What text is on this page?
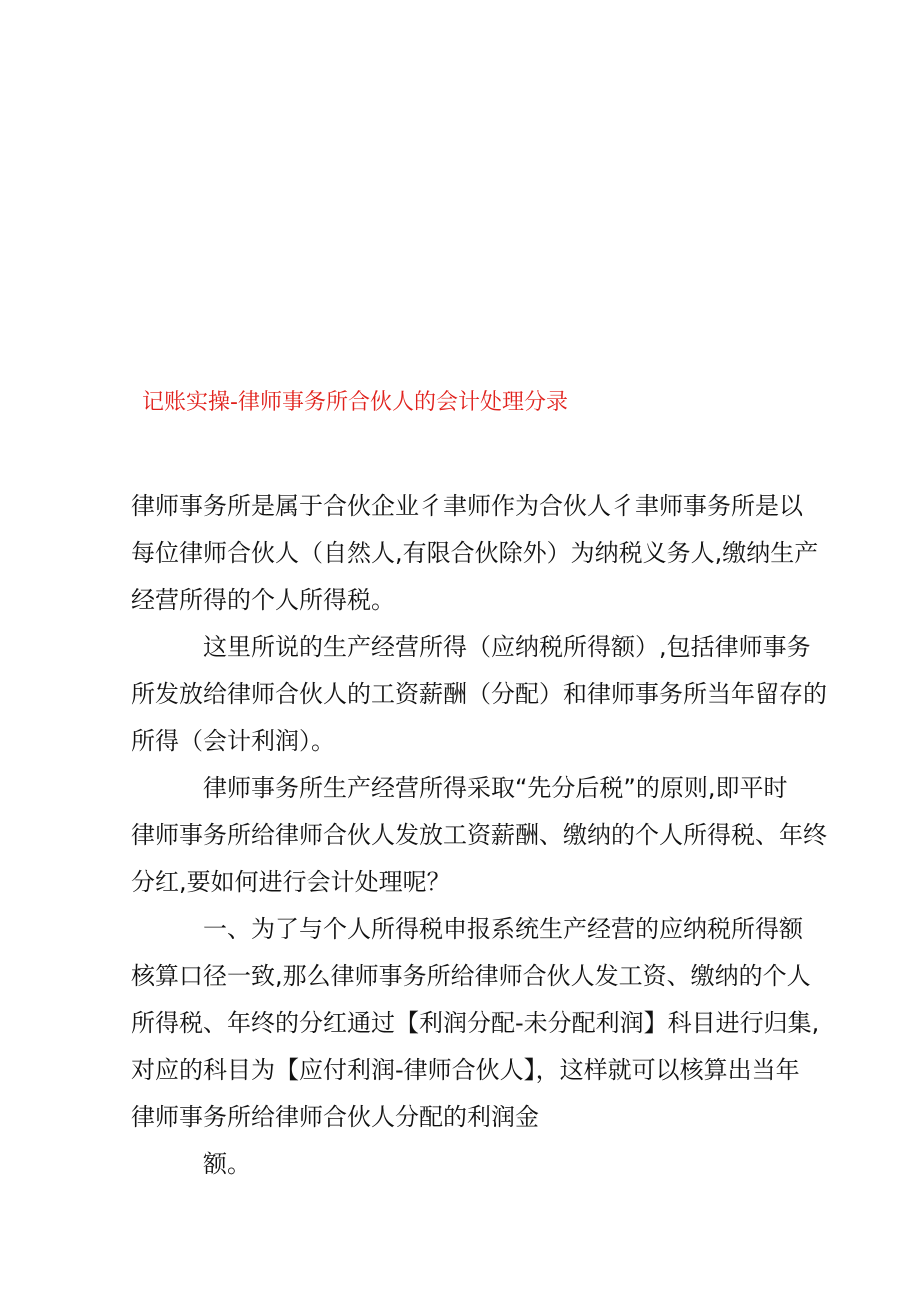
记账实操-律师事务所合伙人的会计处理分录
律师事务所是属于合伙企业彳聿师作为合伙人彳聿师事务所是以
每位律师合伙人（自然人,有限合伙除外）为纳税义务人,缴纳生产
经营所得的个人所得税。
这里所说的生产经营所得（应纳税所得额）,包括律师事务
所发放给律师合伙人的工资薪酬（分配）和律师事务所当年留存的
所得（会计利润）。
律师事务所生产经营所得采取“先分后税”的原则,即平时
律师事务所给律师合伙人发放工资薪酬、缴纳的个人所得税、年终
分红,要如何进行会计处理呢？
一、为了与个人所得税申报系统生产经营的应纳税所得额
核算口径一致,那么律师事务所给律师合伙人发工资、缴纳的个人
所得税、年终的分红通过【利润分配-未分配利润】科目进行归集,
对应的科目为【应付利润-律师合伙人】，这样就可以核算出当年
律师事务所给律师合伙人分配的利润金
额。
